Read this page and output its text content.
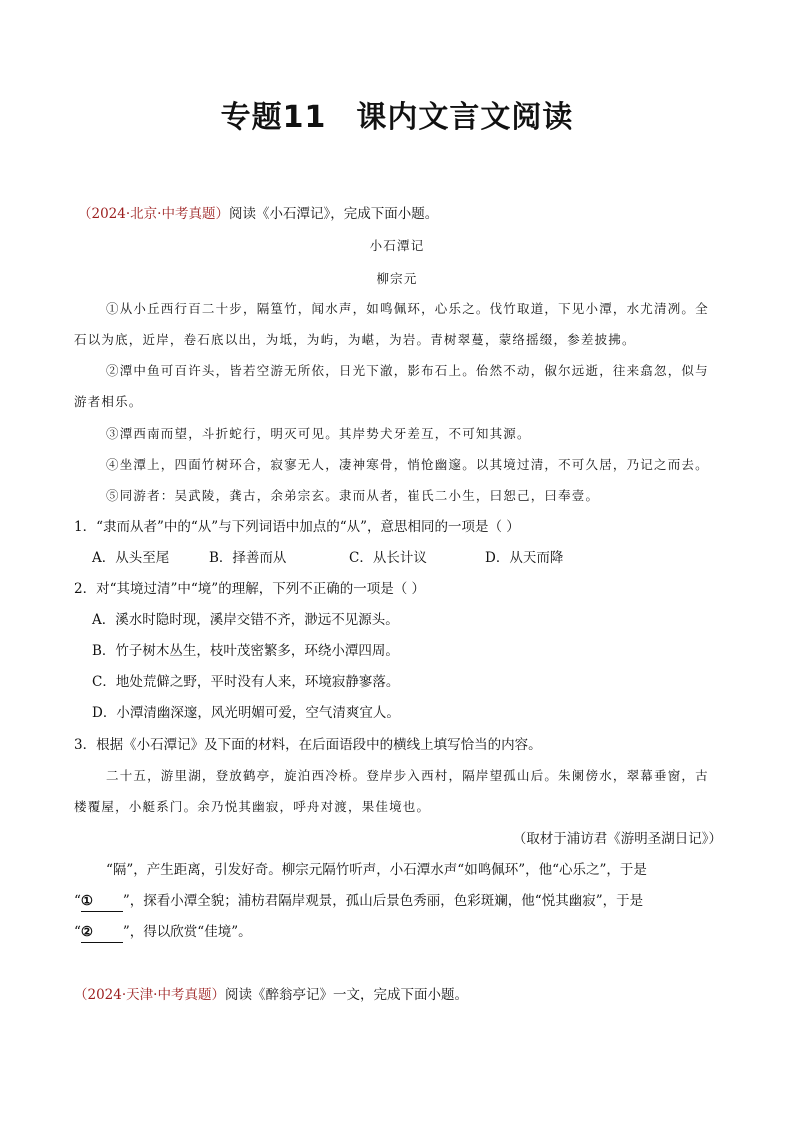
专题11 课内文言文阅读
（2024·北京·中考真题）阅读《小石潭记》，完成下面小题。
小石潭记
柳宗元
①从小丘西行百二十步，隔篁竹，闻水声，如鸣佩环，心乐之。伐竹取道，下见小潭，水尤清冽。全
石以为底，近岸，卷石底以出，为坻，为屿，为嵁，为岩。青树翠蔓，蒙络摇缀，参差披拂。
②潭中鱼可百许头，皆若空游无所依，日光下澈，影布石上。佁然不动，俶尔远逝，往来翕忽，似与
游者相乐。
③潭西南而望，斗折蛇行，明灭可见。其岸势犬牙差互，不可知其源。
④坐潭上，四面竹树环合，寂寥无人，凄神寒骨，悄怆幽邃。以其境过清，不可久居，乃记之而去。
⑤同游者：吴武陵，龚古，余弟宗玄。隶而从者，崔氏二小生，曰恕己，曰奉壹。
1．“隶而从者”中的“从”与下列词语中加点的“从”，意思相同的一项是（ ）
A．从头至尾	B．择善而从	C．从长计议	D．从天而降
2．对“其境过清”中“境”的理解，下列不正确的一项是（ ）
A．溪水时隐时现，溪岸交错不齐，渺远不见源头。
B．竹子树木丛生，枝叶茂密繁多，环绕小潭四周。
C．地处荒僻之野，平时没有人来，环境寂静寥落。
D．小潭清幽深邃，风光明媚可爱，空气清爽宜人。
3．根据《小石潭记》及下面的材料，在后面语段中的横线上填写恰当的内容。
二十五，游里湖，登放鹤亭，旋泊西冷桥。登岸步入西村，隔岸望孤山后。朱阑傍水，翠幕垂窗，古
楼覆屋，小艇系门。余乃悦其幽寂，呼舟对渡，果佳境也。
（取材于浦访君《游明圣湖日记》）
“隔”，产生距离，引发好奇。柳宗元隔竹听声，小石潭水声“如鸣佩环”，他“心乐之”，于是
“① ”，探看小潭全貌；浦枋君隔岸观景，孤山后景色秀丽，色彩斑斓，他“悦其幽寂”，于是
“② ”，得以欣赏“佳境”。
（2024·天津·中考真题）阅读《醉翁亭记》一文，完成下面小题。
